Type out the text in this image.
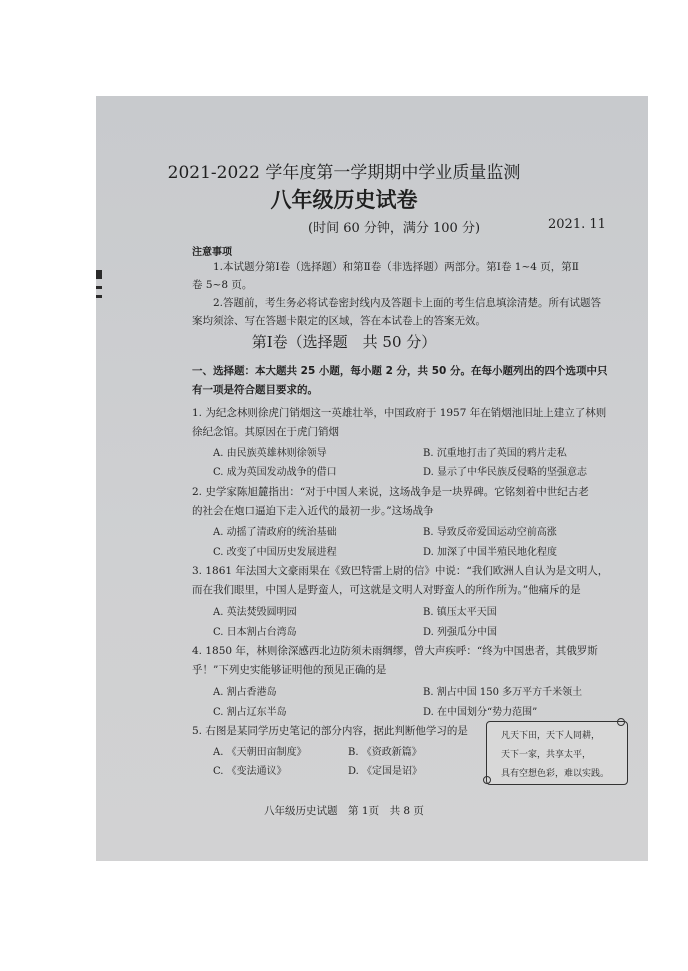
2021-2022 学年度第一学期期中学业质量监测
八年级历史试卷
(时间 60 分钟，满分 100 分)	2021. 11
注意事项
1.本试题分第Ⅰ卷（选择题）和第Ⅱ卷（非选择题）两部分。第Ⅰ卷 1~4 页，第Ⅱ
卷 5~8 页。
2.答题前，考生务必将试卷密封线内及答题卡上面的考生信息填涂清楚。所有试题答
案均须涂、写在答题卡限定的区域，答在本试卷上的答案无效。
第Ⅰ卷（选择题　共 50 分）
一、选择题：本大题共 25 小题，每小题 2 分，共 50 分。在每小题列出的四个选项中只
有一项是符合题目要求的。
1. 为纪念林则徐虎门销烟这一英雄壮举，中国政府于 1957 年在销烟池旧址上建立了林则
徐纪念馆。其原因在于虎门销烟
A. 由民族英雄林则徐领导	B. 沉重地打击了英国的鸦片走私
C. 成为英国发动战争的借口	D. 显示了中华民族反侵略的坚强意志
2. 史学家陈旭麓指出：“对于中国人来说，这场战争是一块界碑。它铭刻着中世纪古老
的社会在炮口逼迫下走入近代的最初一步。”这场战争
A. 动摇了清政府的统治基础	B. 导致反帝爱国运动空前高涨
C. 改变了中国历史发展进程	D. 加深了中国半殖民地化程度
3. 1861 年法国大文豪雨果在《致巴特雷上尉的信》中说：“我们欧洲人自认为是文明人，
而在我们眼里，中国人是野蛮人，可这就是文明人对野蛮人的所作所为。”他痛斥的是
A. 英法焚毁圆明园	B. 镇压太平天国
C. 日本割占台湾岛	D. 列强瓜分中国
4. 1850 年，林则徐深感西北边防须未雨绸缪，曾大声疾呼：“终为中国患者，其俄罗斯
乎！”下列史实能够证明他的预见正确的是
A. 割占香港岛	B. 割占中国 150 多万平方千米领土
C. 割占辽东半岛	D. 在中国划分“势力范围”
5. 右图是某同学历史笔记的部分内容，据此判断他学习的是
A. 《天朝田亩制度》	B. 《资政新篇》
C. 《变法通议》	D. 《定国是诏》
凡天下田，天下人同耕，
天下一家，共享太平，
具有空想色彩，难以实践。
八年级历史试题　第 1页　共 8 页
